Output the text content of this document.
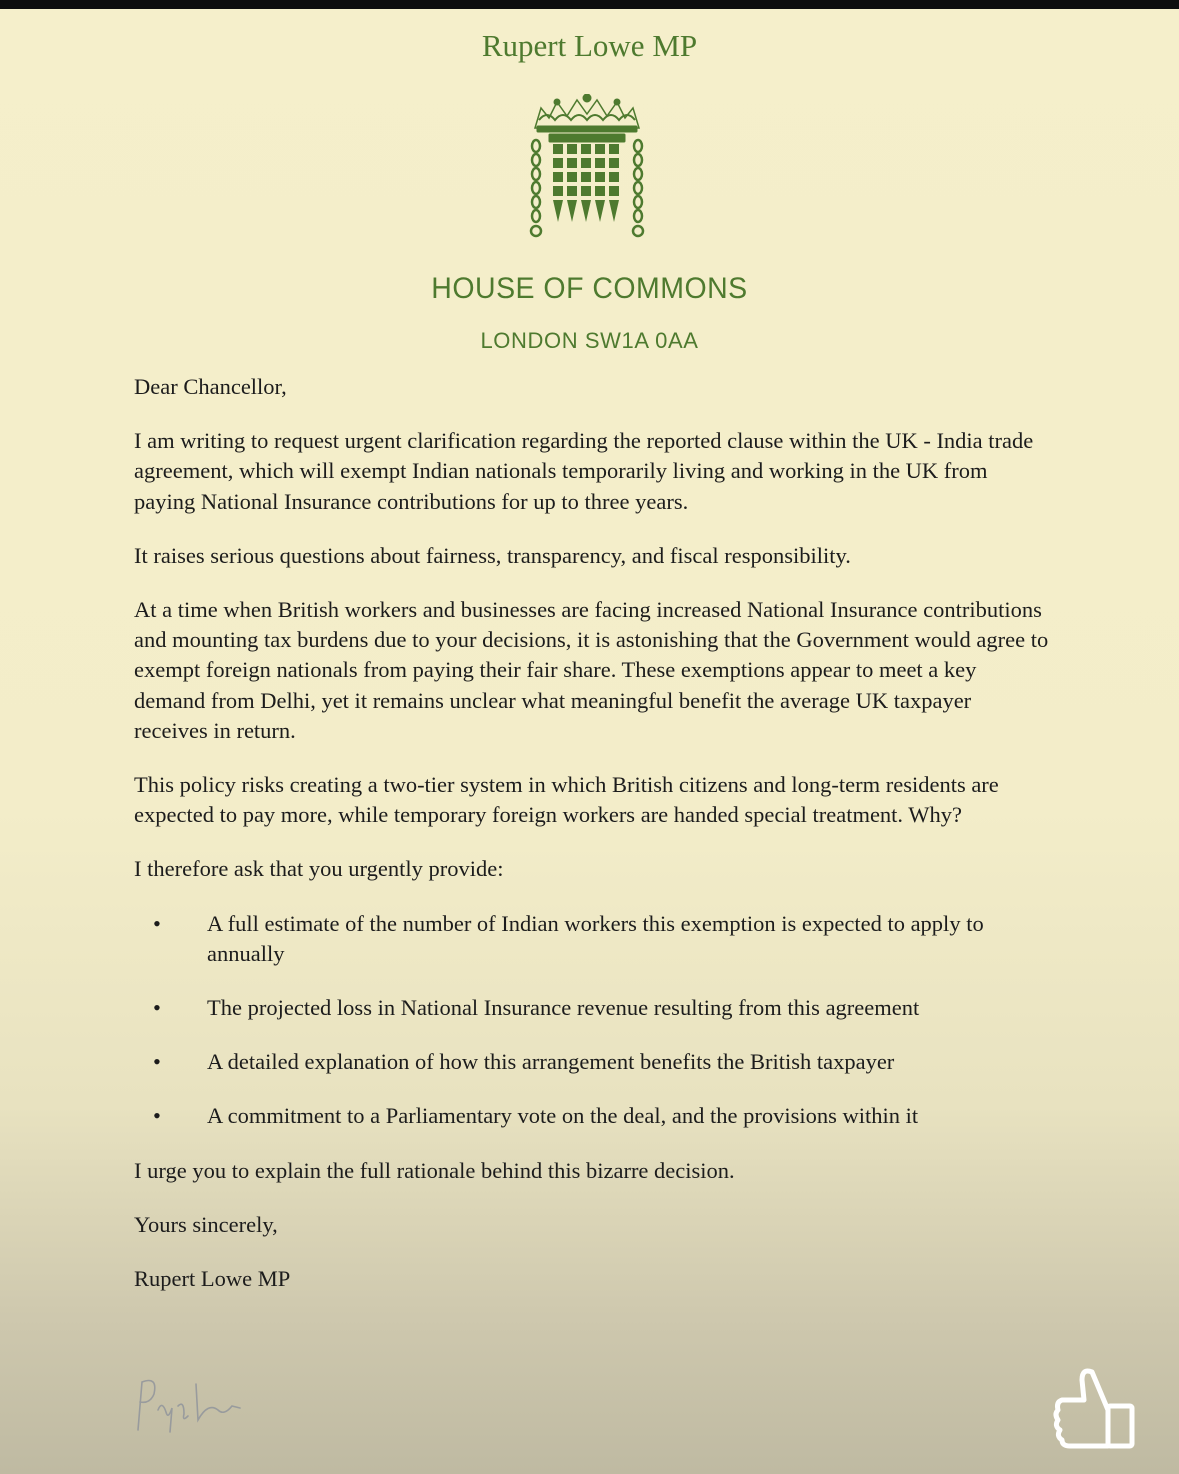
Rupert Lowe MP
HOUSE OF COMMONS
LONDON SW1A 0AA

Dear Chancellor,

I am writing to request urgent clarification regarding the reported clause within the UK - India trade agreement, which will exempt Indian nationals temporarily living and working in the UK from paying National Insurance contributions for up to three years.

It raises serious questions about fairness, transparency, and fiscal responsibility.

At a time when British workers and businesses are facing increased National Insurance contributions and mounting tax burdens due to your decisions, it is astonishing that the Government would agree to exempt foreign nationals from paying their fair share. These exemptions appear to meet a key demand from Delhi, yet it remains unclear what meaningful benefit the average UK taxpayer receives in return.

This policy risks creating a two-tier system in which British citizens and long-term residents are expected to pay more, while temporary foreign workers are handed special treatment. Why?

I therefore ask that you urgently provide:

• A full estimate of the number of Indian workers this exemption is expected to apply to annually
• The projected loss in National Insurance revenue resulting from this agreement
• A detailed explanation of how this arrangement benefits the British taxpayer
• A commitment to a Parliamentary vote on the deal, and the provisions within it

I urge you to explain the full rationale behind this bizarre decision.

Yours sincerely,

Rupert Lowe MP
